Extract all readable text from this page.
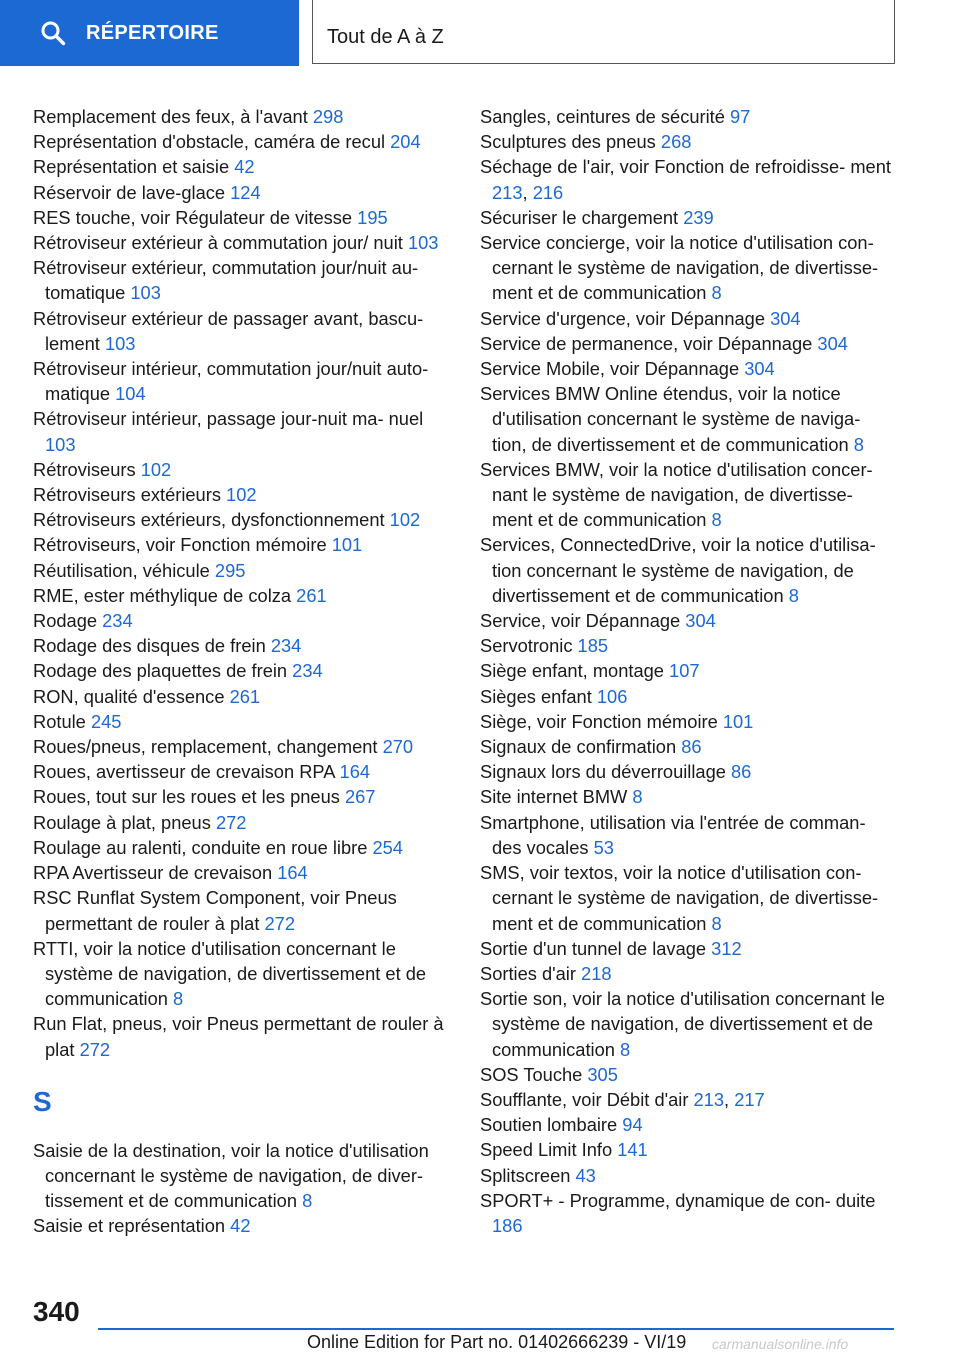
RÉPERTOIRE	Tout de A à Z
Remplacement des feux, à l'avant 298
Représentation d'obstacle, caméra de recul 204
Représentation et saisie 42
Réservoir de lave-glace 124
RES touche, voir Régulateur de vitesse 195
Rétroviseur extérieur à commutation jour/ nuit 103
Rétroviseur extérieur, commutation jour/nuit au- tomatique 103
Rétroviseur extérieur de passager avant, bascu- lement 103
Rétroviseur intérieur, commutation jour/nuit auto- matique 104
Rétroviseur intérieur, passage jour-nuit ma- nuel 103
Rétroviseurs 102
Rétroviseurs extérieurs 102
Rétroviseurs extérieurs, dysfonctionnement 102
Rétroviseurs, voir Fonction mémoire 101
Réutilisation, véhicule 295
RME, ester méthylique de colza 261
Rodage 234
Rodage des disques de frein 234
Rodage des plaquettes de frein 234
RON, qualité d'essence 261
Rotule 245
Roues/pneus, remplacement, changement 270
Roues, avertisseur de crevaison RPA 164
Roues, tout sur les roues et les pneus 267
Roulage à plat, pneus 272
Roulage au ralenti, conduite en roue libre 254
RPA Avertisseur de crevaison 164
RSC Runflat System Component, voir Pneus permettant de rouler à plat 272
RTTI, voir la notice d'utilisation concernant le système de navigation, de divertissement et de communication 8
Run Flat, pneus, voir Pneus permettant de rouler à plat 272
S
Saisie de la destination, voir la notice d'utilisation concernant le système de navigation, de diver- tissement et de communication 8
Saisie et représentation 42
Sangles, ceintures de sécurité 97
Sculptures des pneus 268
Séchage de l'air, voir Fonction de refroidisse- ment 213, 216
Sécuriser le chargement 239
Service concierge, voir la notice d'utilisation con- cernant le système de navigation, de divertisse- ment et de communication 8
Service d'urgence, voir Dépannage 304
Service de permanence, voir Dépannage 304
Service Mobile, voir Dépannage 304
Services BMW Online étendus, voir la notice d'utilisation concernant le système de naviga- tion, de divertissement et de communication 8
Services BMW, voir la notice d'utilisation concer- nant le système de navigation, de divertisse- ment et de communication 8
Services, ConnectedDrive, voir la notice d'utilisa- tion concernant le système de navigation, de divertissement et de communication 8
Service, voir Dépannage 304
Servotronic 185
Siège enfant, montage 107
Sièges enfant 106
Siège, voir Fonction mémoire 101
Signaux de confirmation 86
Signaux lors du déverrouillage 86
Site internet BMW 8
Smartphone, utilisation via l'entrée de comman- des vocales 53
SMS, voir textos, voir la notice d'utilisation con- cernant le système de navigation, de divertisse- ment et de communication 8
Sortie d'un tunnel de lavage 312
Sorties d'air 218
Sortie son, voir la notice d'utilisation concernant le système de navigation, de divertissement et de communication 8
SOS Touche 305
Soufflante, voir Débit d'air 213, 217
Soutien lombaire 94
Speed Limit Info 141
Splitscreen 43
SPORT+ - Programme, dynamique de con- duite 186
340
Online Edition for Part no. 01402666239 - VI/19 carmanualsonline.info
